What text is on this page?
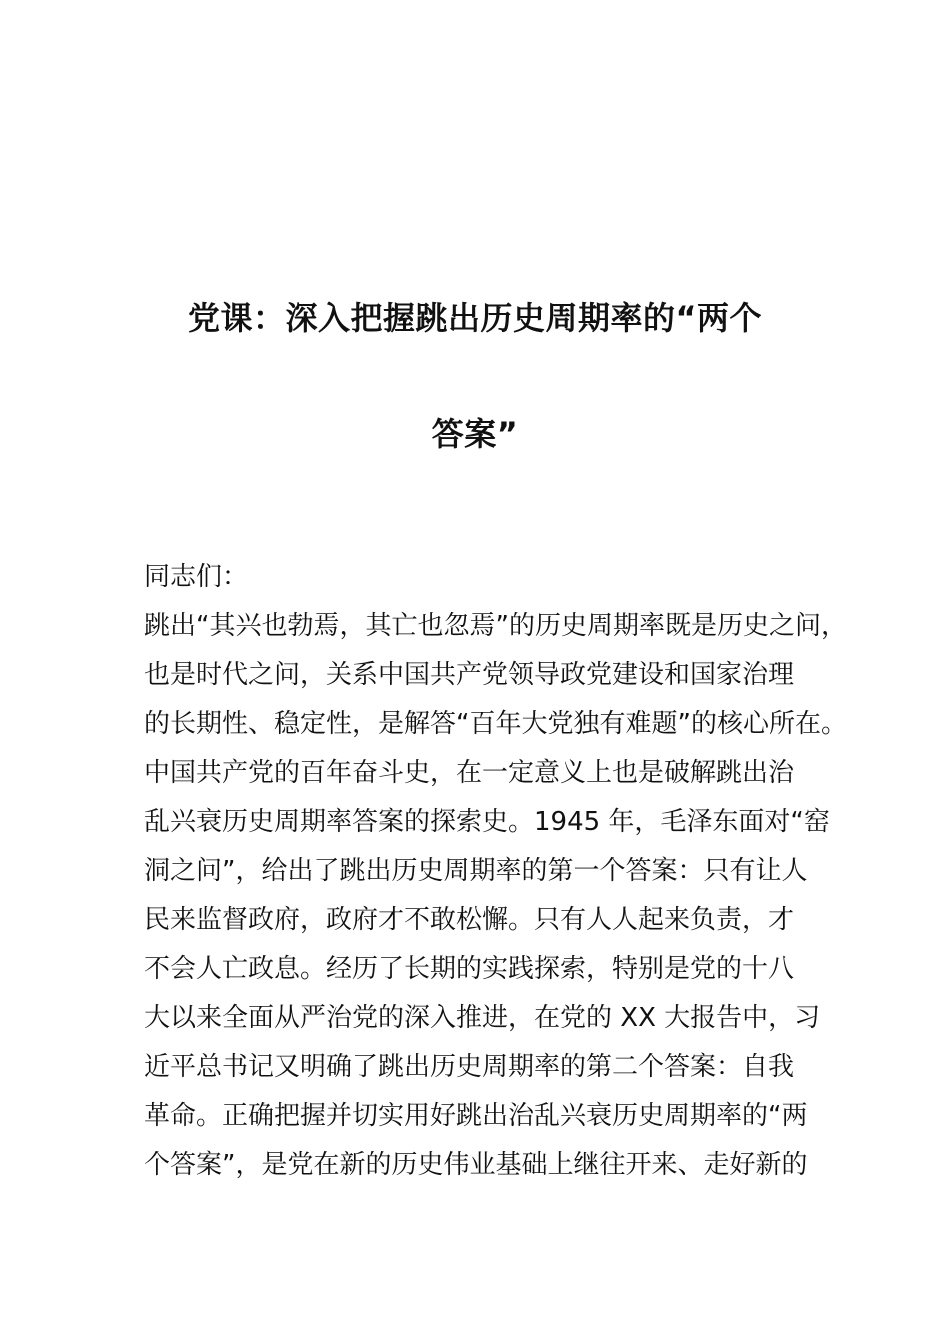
党课：深入把握跳出历史周期率的“两个
答案”
同志们：
跳出“其兴也勃焉，其亡也忽焉”的历史周期率既是历史之问，
也是时代之问，关系中国共产党领导政党建设和国家治理
的长期性、稳定性，是解答“百年大党独有难题”的核心所在。
中国共产党的百年奋斗史，在一定意义上也是破解跳出治
乱兴衰历史周期率答案的探索史。1945 年，毛泽东面对“窑
洞之问”，给出了跳出历史周期率的第一个答案：只有让人
民来监督政府，政府才不敢松懈。只有人人起来负责，才
不会人亡政息。经历了长期的实践探索，特别是党的十八
大以来全面从严治党的深入推进，在党的 XX 大报告中，习
近平总书记又明确了跳出历史周期率的第二个答案：自我
革命。正确把握并切实用好跳出治乱兴衰历史周期率的“两
个答案”，是党在新的历史伟业基础上继往开来、走好新的
